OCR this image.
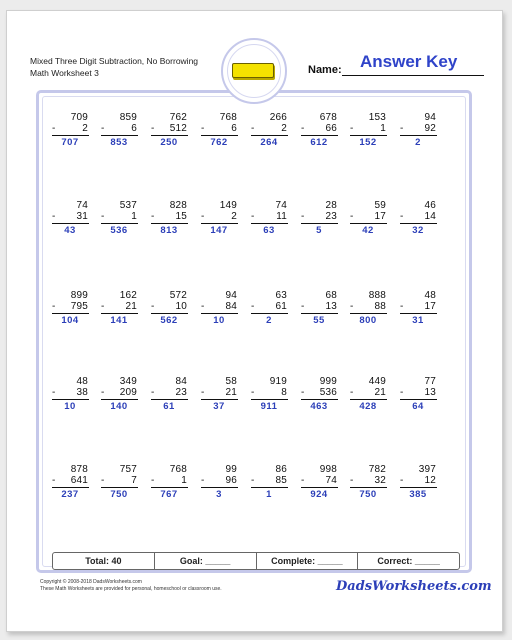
Mixed Three Digit Subtraction, No Borrowing
Math Worksheet 3	Name: Answer Key
709
-	2
707
859
-	6
853
762
- 512
250
768
-	6
762
266
-	2
264
678
- 66
612
153
-	1
152
94
- 92
2
74
- 31
43
537
-	1
536
828
- 15
813
149
-	2
147
74
- 11
63
28
- 23
5
59
- 17
42
46
- 14
32
899
- 795
104
162
- 21
141
572
- 10
562
94
- 84
10
63
- 61
2
68
- 13
55
888
- 88
800
48
- 17
31
48
- 38
10
349
- 209
140
84
- 23
61
58
- 21
37
919
-	8
911
999
- 536
463
449
- 21
428
77
- 13
64
878
- 641
237
757
-	7
750
768
-	1
767
99
- 96
3
86
- 85
1
998
- 74
924
782
- 32
750
397
- 12
385
Total: 40	Goal: _____	Complete: _____	Correct: _____
Copyright © 2008-2018 DadsWorksheets.com
These Math Worksheets are provided for personal, homeschool or classroom use.	DadsWorksheets.com
